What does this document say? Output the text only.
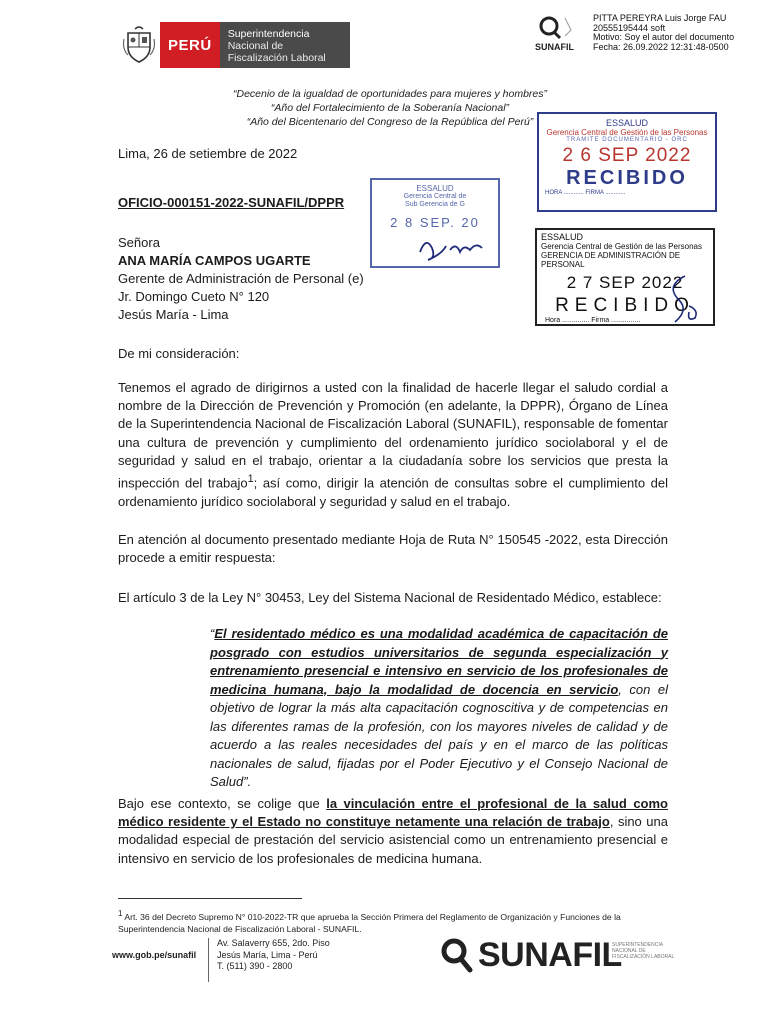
PERÚ
Superintendencia
Nacional de
Fiscalización Laboral
SUNAFIL
PITTA PEREYRA Luis Jorge FAU
20555195444 soft
Motivo: Soy el autor del documento
Fecha: 26.09.2022 12:31:48-0500
“Decenio de la igualdad de oportunidades para mujeres y hombres”
“Año del Fortalecimiento de la Soberanía Nacional”
“Año del Bicentenario del Congreso de la República del Perú”	ESSALUD
Gerencia Central de Gestión de las Personas
TRAMITE DOCUMENTARIO - ORC
2 6 SEP 2022
RECIBIDO
HORA ............ FIRMA ............
ESSALUD
Gerencia Central de
Sub Gerencia de G
2 8 SEP. 20
ESSALUD
Gerencia Central de Gestión de las Personas
GERENCIA DE ADMINISTRACIÓN DE PERSONAL
2 7 SEP 2022
RECIBIDO
Hora .............. Firma ...............
Lima, 26 de setiembre de 2022
OFICIO-000151-2022-SUNAFIL/DPPR
Señora
ANA MARÍA CAMPOS UGARTE
Gerente de Administración de Personal (e)
Jr. Domingo Cueto N° 120
Jesús María - Lima
De mi consideración:
Tenemos el agrado de dirigirnos a usted con la finalidad de hacerle llegar el saludo cordial a nombre de la Dirección de Prevención y Promoción (en adelante, la DPPR), Órgano de Línea de la Superintendencia Nacional de Fiscalización Laboral (SUNAFIL), responsable de fomentar una cultura de prevención y cumplimiento del ordenamiento jurídico sociolaboral y el de seguridad y salud en el trabajo, orientar a la ciudadanía sobre los servicios que presta la inspección del trabajo$^1$; así como, dirigir la atención de consultas sobre el cumplimiento del ordenamiento jurídico sociolaboral y seguridad y salud en el trabajo.
En atención al documento presentado mediante Hoja de Ruta N° 150545 -2022, esta Dirección procede a emitir respuesta:
El artículo 3 de la Ley N° 30453, Ley del Sistema Nacional de Residentado Médico, establece:
“El residentado médico es una modalidad académica de capacitación de posgrado con estudios universitarios de segunda especialización y entrenamiento presencial e intensivo en servicio de los profesionales de medicina humana, bajo la modalidad de docencia en servicio, con el objetivo de lograr la más alta capacitación cognoscitiva y de competencias en las diferentes ramas de la profesión, con los mayores niveles de calidad y de acuerdo a las reales necesidades del país y en el marco de las políticas nacionales de salud, fijadas por el Poder Ejecutivo y el Consejo Nacional de Salud”.
Bajo ese contexto, se colige que la vinculación entre el profesional de la salud como médico residente y el Estado no constituye netamente una relación de trabajo, sino una modalidad especial de prestación del servicio asistencial como un entrenamiento presencial e intensivo en servicio de los profesionales de medicina humana.
$^1$ Art. 36 del Decreto Supremo N° 010-2022-TR que aprueba la Sección Primera del Reglamento de Organización y Funciones de la Superintendencia Nacional de Fiscalización Laboral - SUNAFIL.
www.gob.pe/sunafil
Av. Salaverry 655, 2do. Piso
Jesús María, Lima - Perú
T. (511) 390 - 2800	SUNAFIL
SUPERINTENDENCIA NACIONAL DE FISCALIZACIÓN LABORAL
